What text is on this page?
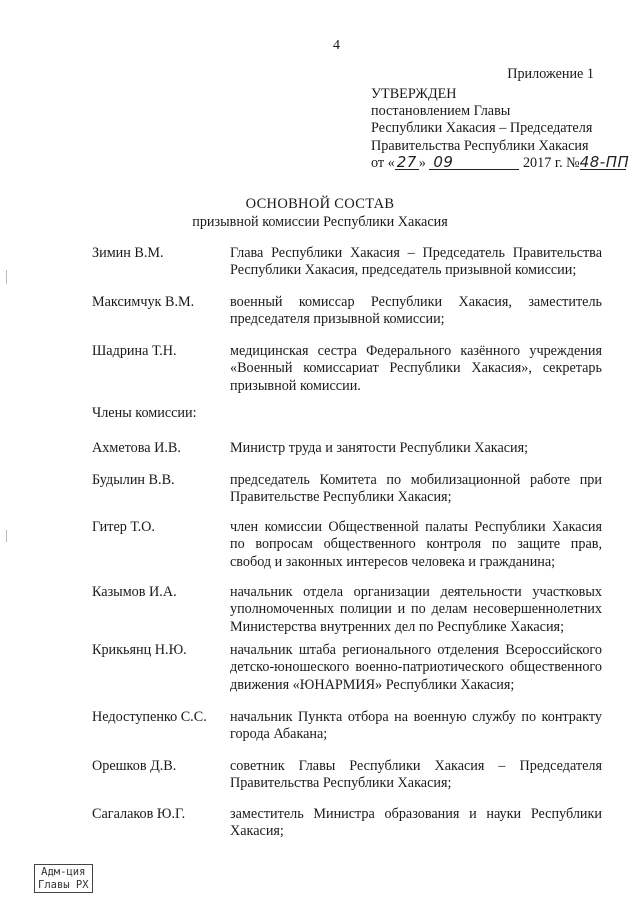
4
Приложение 1
УТВЕРЖДЕН
постановлением Главы
Республики Хакасия – Председателя
Правительства Республики Хакасия
от « 27 » 09	2017 г. №48-ПП
ОСНОВНОЙ СОСТАВ
призывной комиссии Республики Хакасия
Зимин В.М.	Глава Республики Хакасия – Председатель Правительства Республики Хакасия, председатель призывной комиссии;
Максимчук В.М.	военный комиссар Республики Хакасия, заместитель председателя призывной комиссии;
Шадрина Т.Н.	медицинская сестра Федерального казённого учреждения «Военный комиссариат Республики Хакасия», секретарь призывной комиссии.
Члены комиссии:
Ахметова И.В.	Министр труда и занятости Республики Хакасия;
Будылин В.В.	председатель Комитета по мобилизационной работе при Правительстве Республики Хакасия;
Гитер Т.О.	член комиссии Общественной палаты Республики Хакасия по вопросам общественного контроля по защите прав, свобод и законных интересов человека и гражданина;
Казымов И.А.	начальник отдела организации деятельности участковых уполномоченных полиции и по делам несовершеннолетних Министерства внутренних дел по Республике Хакасия;
Крикьянц Н.Ю.	начальник штаба регионального отделения Всероссийского детско-юношеского военно-патриотического общественного движения «ЮНАРМИЯ» Республики Хакасия;
Недоступенко С.С. начальник Пункта отбора на военную службу по контракту города Абакана;
Орешков Д.В.	советник Главы Республики Хакасия – Председателя Правительства Республики Хакасия;
Сагалаков Ю.Г.	заместитель Министра образования и науки Республики Хакасия;
Адм-ция
Главы РХ
